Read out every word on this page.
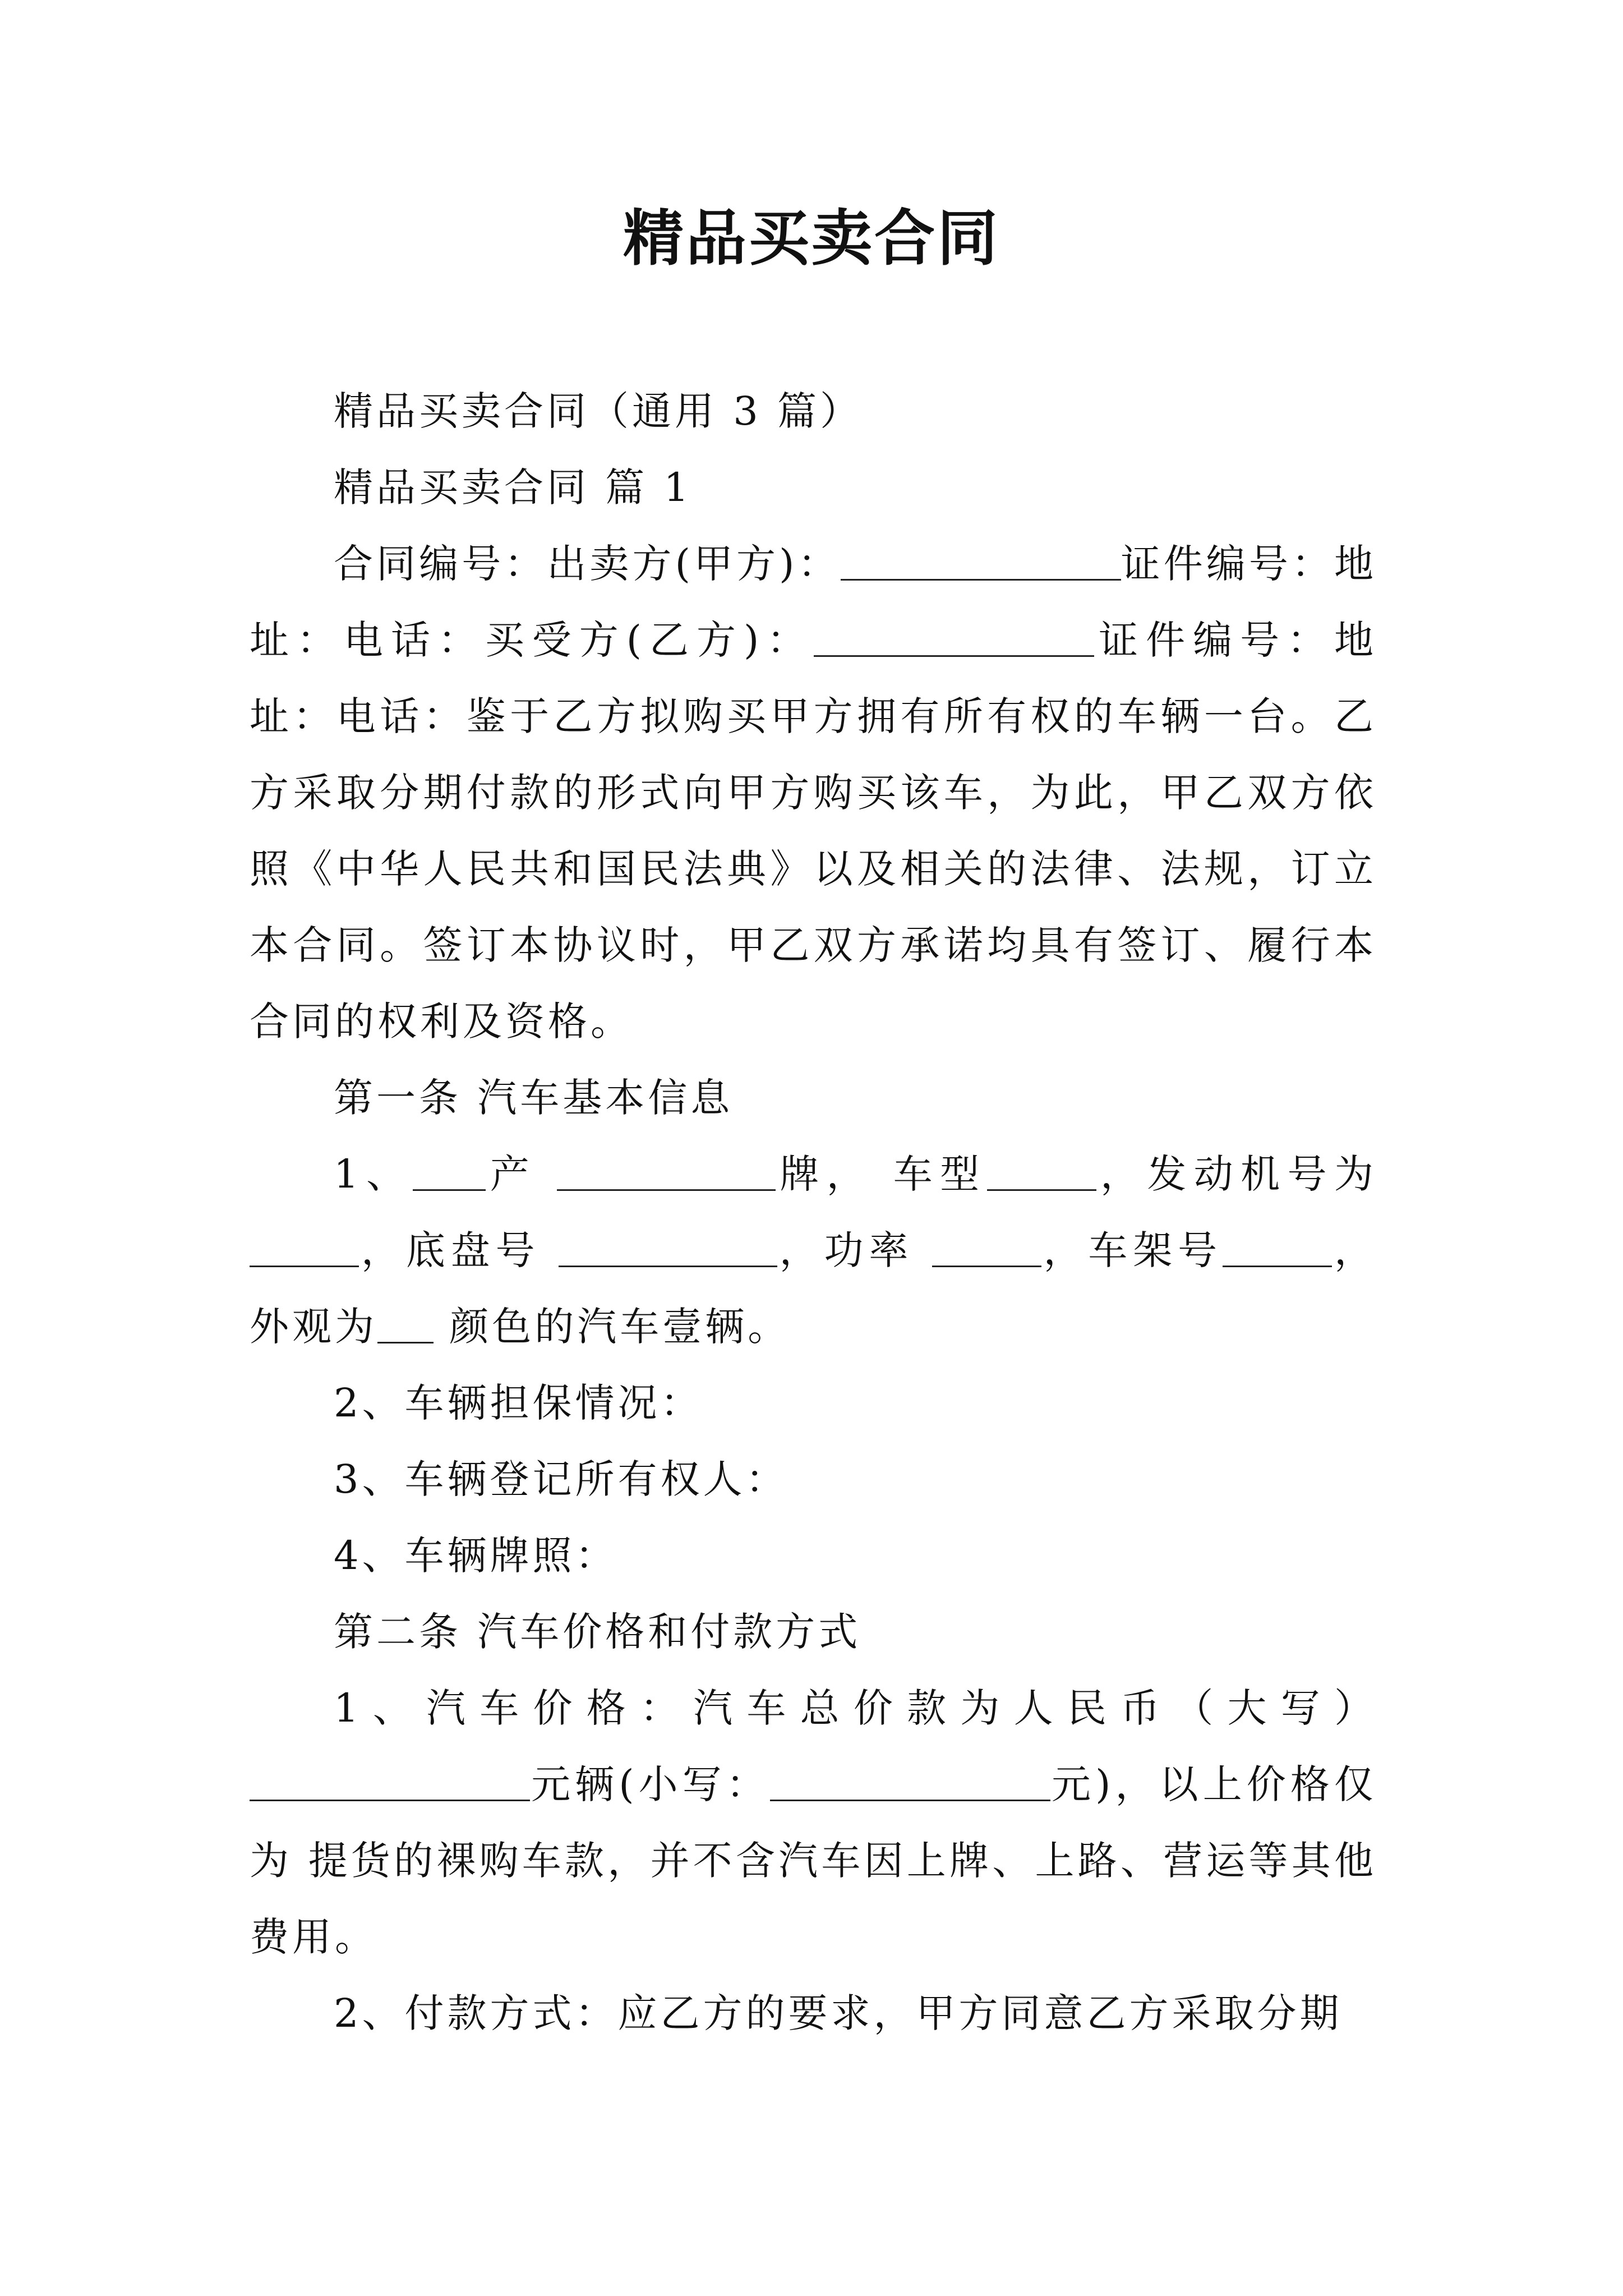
精品买卖合同

精品买卖合同（通用 3 篇）

精品买卖合同 篇 1

合同编号：出卖方(甲方)：	证件编号：地址：电话：买受方(乙方)：	证件编号：地址：电话：鉴于乙方拟购买甲方拥有所有权的车辆一台。乙方采取分期付款的形式向甲方购买该车，为此，甲乙双方依照《中华人民共和国民法典》以及相关的法律、法规，订立本合同。签订本协议时，甲乙双方承诺均具有签订、履行本合同的权利及资格。

第一条 汽车基本信息

1、 产	牌， 车型	，发动机号为，底盘号	，功率	，车架号	，外观为 颜色的汽车壹辆。

2、车辆担保情况：

3、车辆登记所有权人：

4、车辆牌照：

第二条 汽车价格和付款方式

1、汽车价格：汽车总价款为人民币（大写）元辆(小写：	元)，以上价格仅为 提货的裸购车款，并不含汽车因上牌、上路、营运等其他费用。

2、付款方式：应乙方的要求，甲方同意乙方采取分期
